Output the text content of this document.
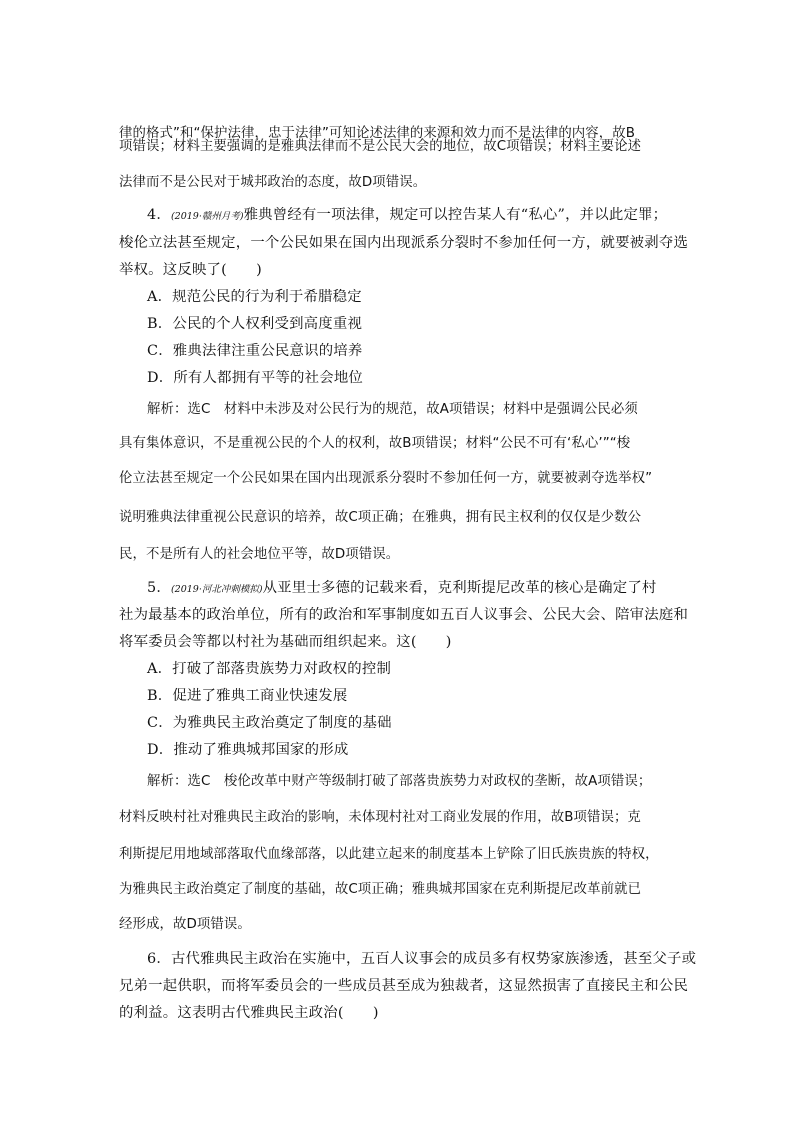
律的格式”和“保护法律，忠于法律”可知论述法律的来源和效力而不是法律的内容，故B
项错误；材料主要强调的是雅典法律而不是公民大会的地位，故C项错误；材料主要论述
法律而不是公民对于城邦政治的态度，故D项错误。
4．(2019·赣州月考)雅典曾经有一项法律，规定可以控告某人有“私心”，并以此定罪；
梭伦立法甚至规定，一个公民如果在国内出现派系分裂时不参加任何一方，就要被剥夺选
举权。这反映了(　　)
A．规范公民的行为利于希腊稳定
B．公民的个人权利受到高度重视
C．雅典法律注重公民意识的培养
D．所有人都拥有平等的社会地位
解析：选C　材料中未涉及对公民行为的规范，故A项错误；材料中是强调公民必须
具有集体意识，不是重视公民的个人的权利，故B项错误；材料“公民不可有‘私心’”“梭
伦立法甚至规定一个公民如果在国内出现派系分裂时不参加任何一方，就要被剥夺选举权”
说明雅典法律重视公民意识的培养，故C项正确；在雅典，拥有民主权利的仅仅是少数公
民，不是所有人的社会地位平等，故D项错误。
5．(2019·河北冲刺模拟)从亚里士多德的记载来看，克利斯提尼改革的核心是确定了村
社为最基本的政治单位，所有的政治和军事制度如五百人议事会、公民大会、陪审法庭和
将军委员会等都以村社为基础而组织起来。这(　　)
A．打破了部落贵族势力对政权的控制
B．促进了雅典工商业快速发展
C．为雅典民主政治奠定了制度的基础
D．推动了雅典城邦国家的形成
解析：选C　梭伦改革中财产等级制打破了部落贵族势力对政权的垄断，故A项错误；
材料反映村社对雅典民主政治的影响，未体现村社对工商业发展的作用，故B项错误；克
利斯提尼用地域部落取代血缘部落，以此建立起来的制度基本上铲除了旧氏族贵族的特权，
为雅典民主政治奠定了制度的基础，故C项正确；雅典城邦国家在克利斯提尼改革前就已
经形成，故D项错误。
6．古代雅典民主政治在实施中，五百人议事会的成员多有权势家族渗透，甚至父子或
兄弟一起供职，而将军委员会的一些成员甚至成为独裁者，这显然损害了直接民主和公民
的利益。这表明古代雅典民主政治(　　)
